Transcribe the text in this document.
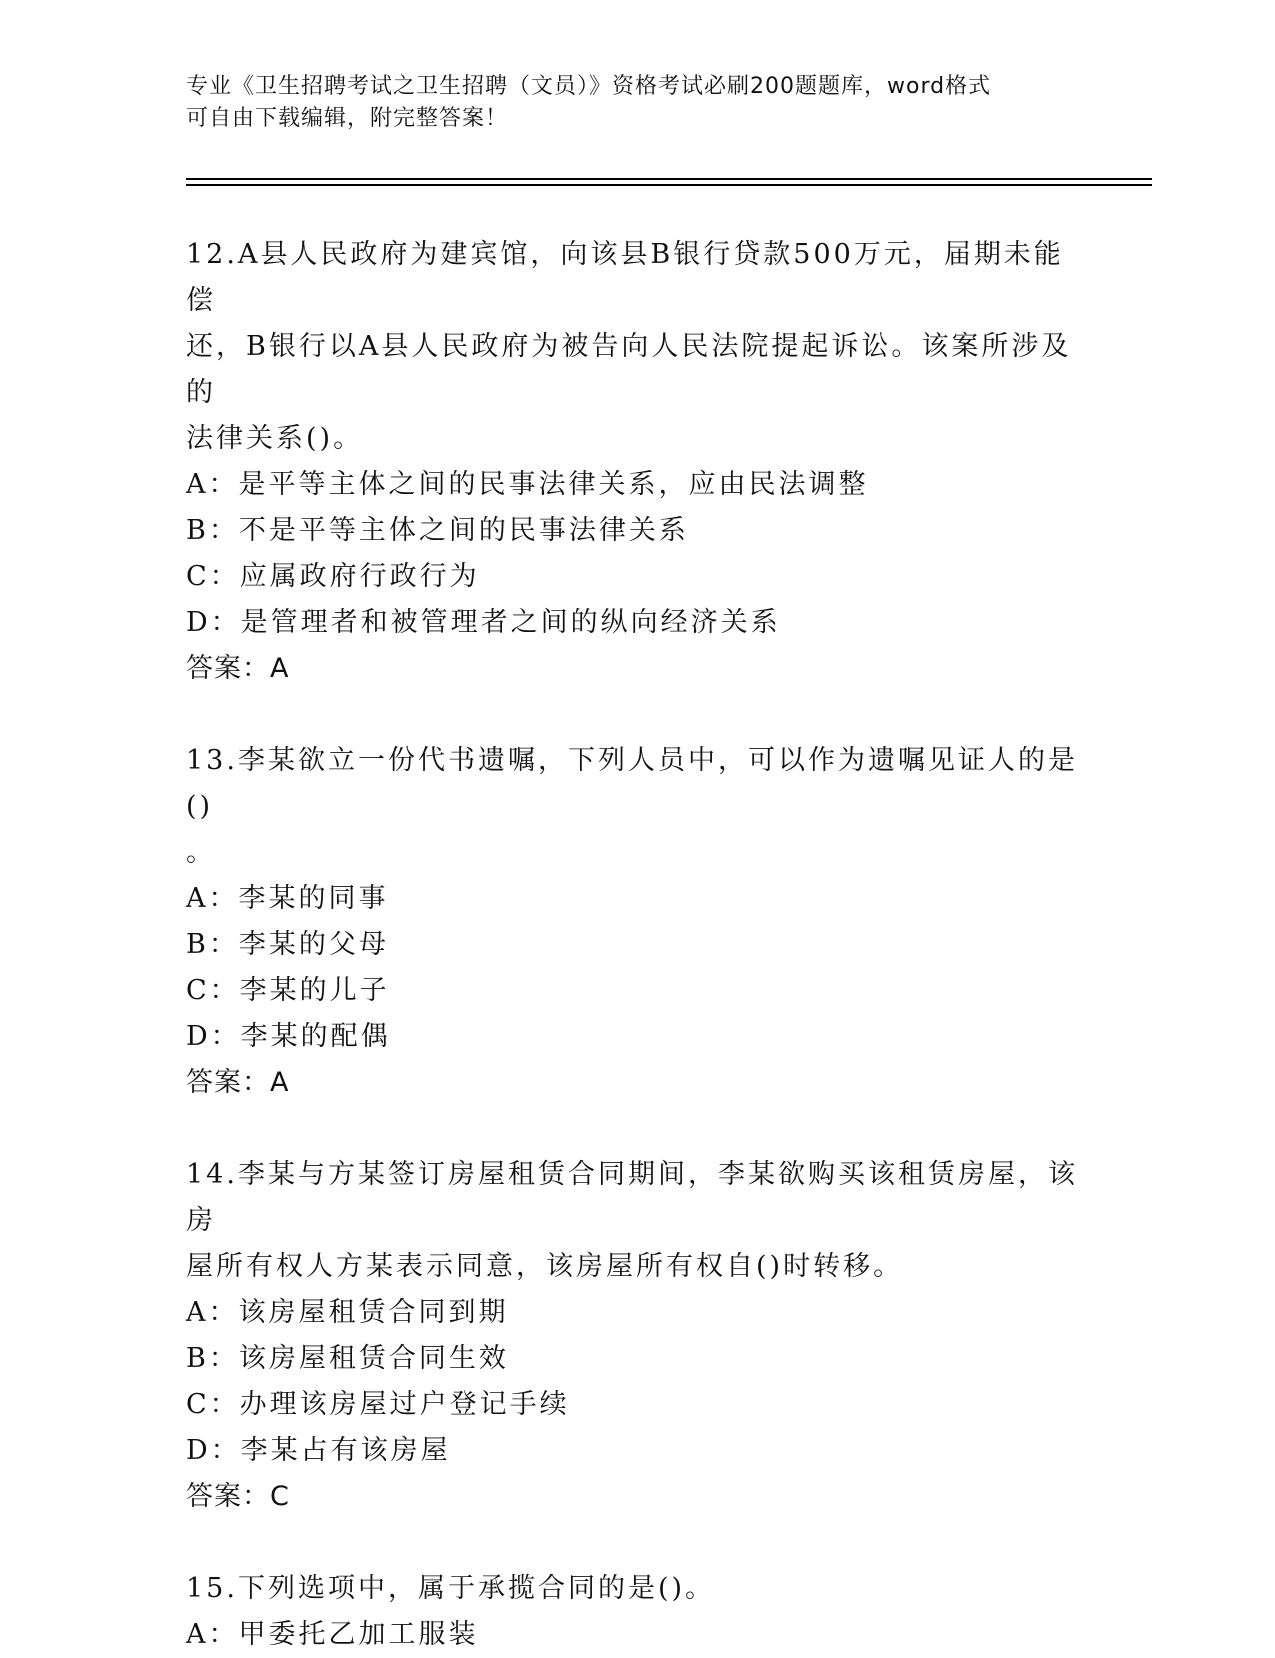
专业《卫生招聘考试之卫生招聘（文员）》资格考试必刷200题题库，word格式
可自由下载编辑，附完整答案！

12.A县人民政府为建宾馆，向该县B银行贷款500万元，届期未能偿

还，B银行以A县人民政府为被告向人民法院提起诉讼。该案所涉及的

法律关系()。

A：是平等主体之间的民事法律关系，应由民法调整

B：不是平等主体之间的民事法律关系

C：应属政府行政行为

D：是管理者和被管理者之间的纵向经济关系

答案：A

13.李某欲立一份代书遗嘱，下列人员中，可以作为遗嘱见证人的是()

。

A：李某的同事

B：李某的父母

C：李某的儿子

D：李某的配偶

答案：A

14.李某与方某签订房屋租赁合同期间，李某欲购买该租赁房屋，该房

屋所有权人方某表示同意，该房屋所有权自()时转移。

A：该房屋租赁合同到期

B：该房屋租赁合同生效

C：办理该房屋过户登记手续

D：李某占有该房屋

答案：C

15.下列选项中，属于承揽合同的是()。

A：甲委托乙加工服装
